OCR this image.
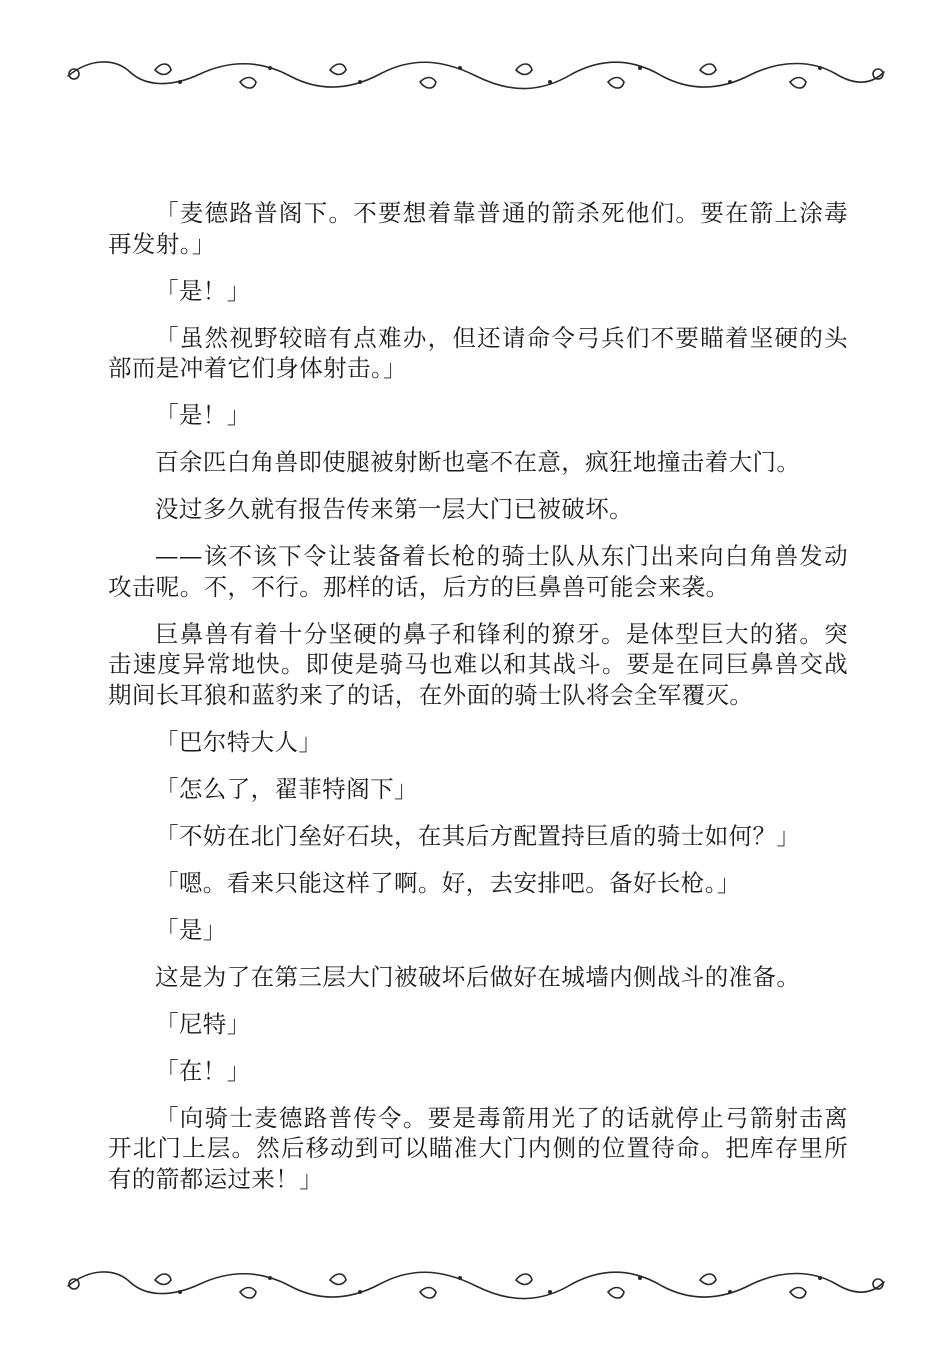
「麦德路普阁下。不要想着靠普通的箭杀死他们。要在箭上涂毒再发射。」

「是！」

「虽然视野较暗有点难办，但还请命令弓兵们不要瞄着坚硬的头部而是冲着它们身体射击。」

「是！」

百余匹白角兽即使腿被射断也毫不在意，疯狂地撞击着大门。

没过多久就有报告传来第一层大门已被破坏。

——该不该下令让装备着长枪的骑士队从东门出来向白角兽发动攻击呢。不，不行。那样的话，后方的巨鼻兽可能会来袭。

巨鼻兽有着十分坚硬的鼻子和锋利的獠牙。是体型巨大的猪。突击速度异常地快。即使是骑马也难以和其战斗。要是在同巨鼻兽交战期间长耳狼和蓝豹来了的话，在外面的骑士队将会全军覆灭。

「巴尔特大人」

「怎么了，翟菲特阁下」

「不妨在北门垒好石块，在其后方配置持巨盾的骑士如何？」

「嗯。看来只能这样了啊。好，去安排吧。备好长枪。」

「是」

这是为了在第三层大门被破坏后做好在城墙内侧战斗的准备。

「尼特」

「在！」

「向骑士麦德路普传令。要是毒箭用光了的话就停止弓箭射击离开北门上层。然后移动到可以瞄准大门内侧的位置待命。把库存里所有的箭都运过来！」
